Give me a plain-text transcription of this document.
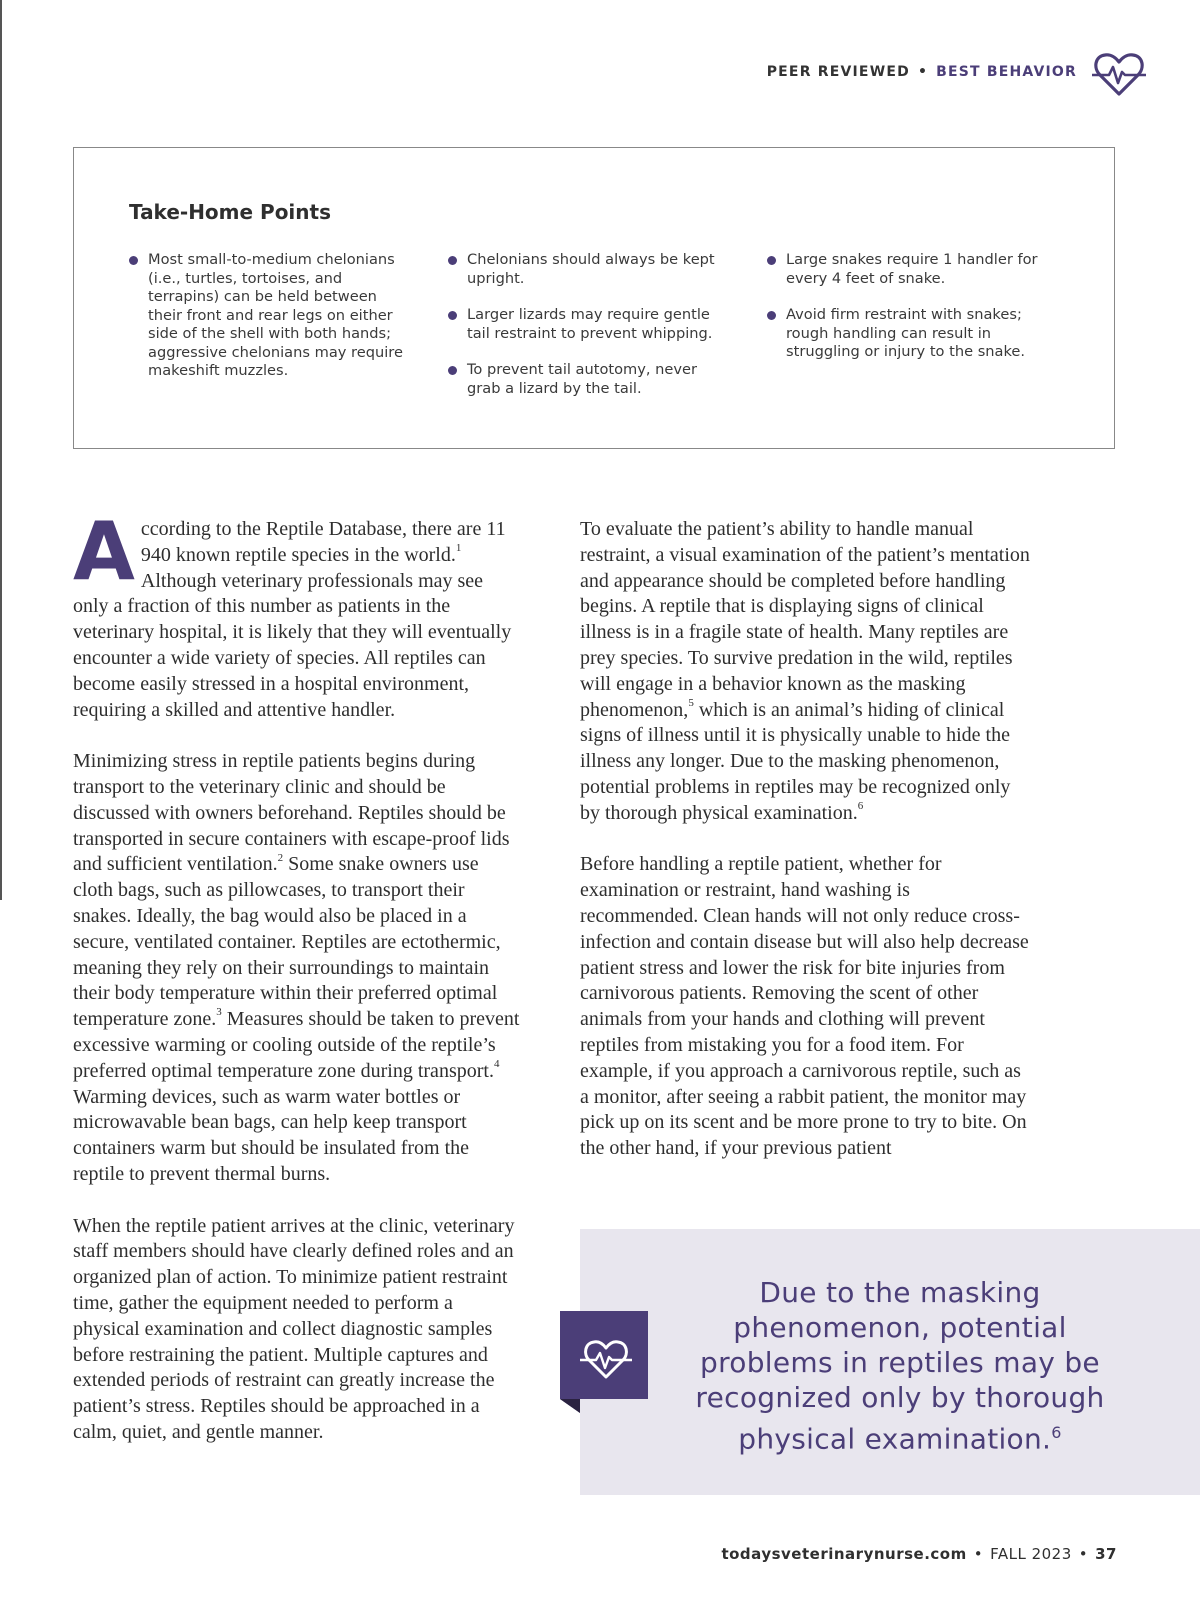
PEER REVIEWED • BEST BEHAVIOR
Take-Home Points
Most small-to-medium chelonians (i.e., turtles, tortoises, and terrapins) can be held between their front and rear legs on either side of the shell with both hands; aggressive chelonians may require makeshift muzzles.
Chelonians should always be kept upright.
Larger lizards may require gentle tail restraint to prevent whipping.
To prevent tail autotomy, never grab a lizard by the tail.
Large snakes require 1 handler for every 4 feet of snake.
Avoid firm restraint with snakes; rough handling can result in struggling or injury to the snake.

According to the Reptile Database, there are 11 940 known reptile species in the world.$^1$ Although veterinary professionals may see only a fraction of this number as patients in the veterinary hospital, it is likely that they will eventually encounter a wide variety of species. All reptiles can become easily stressed in a hospital environment, requiring a skilled and attentive handler.

Minimizing stress in reptile patients begins during transport to the veterinary clinic and should be discussed with owners beforehand. Reptiles should be transported in secure containers with escape-proof lids and sufficient ventilation.$^2$ Some snake owners use cloth bags, such as pillowcases, to transport their snakes. Ideally, the bag would also be placed in a secure, ventilated container. Reptiles are ectothermic, meaning they rely on their surroundings to maintain their body temperature within their preferred optimal temperature zone.$^3$ Measures should be taken to prevent excessive warming or cooling outside of the reptile’s preferred optimal temperature zone during transport.$^4$ Warming devices, such as warm water bottles or microwavable bean bags, can help keep transport containers warm but should be insulated from the reptile to prevent thermal burns.

When the reptile patient arrives at the clinic, veterinary staff members should have clearly defined roles and an organized plan of action. To minimize patient restraint time, gather the equipment needed to perform a physical examination and collect diagnostic samples before restraining the patient. Multiple captures and extended periods of restraint can greatly increase the patient’s stress. Reptiles should be approached in a calm, quiet, and gentle manner.

To evaluate the patient’s ability to handle manual restraint, a visual examination of the patient’s mentation and appearance should be completed before handling begins. A reptile that is displaying signs of clinical illness is in a fragile state of health. Many reptiles are prey species. To survive predation in the wild, reptiles will engage in a behavior known as the masking phenomenon,$^5$ which is an animal’s hiding of clinical signs of illness until it is physically unable to hide the illness any longer. Due to the masking phenomenon, potential problems in reptiles may be recognized only by thorough physical examination.$^6$

Before handling a reptile patient, whether for examination or restraint, hand washing is recommended. Clean hands will not only reduce cross-infection and contain disease but will also help decrease patient stress and lower the risk for bite injuries from carnivorous patients. Removing the scent of other animals from your hands and clothing will prevent reptiles from mistaking you for a food item. For example, if you approach a carnivorous reptile, such as a monitor, after seeing a rabbit patient, the monitor may pick up on its scent and be more prone to try to bite. On the other hand, if your previous patient

Due to the masking phenomenon, potential problems in reptiles may be recognized only by thorough physical examination.$^6$
todaysveterinarynurse.com • FALL 2023 • 37
